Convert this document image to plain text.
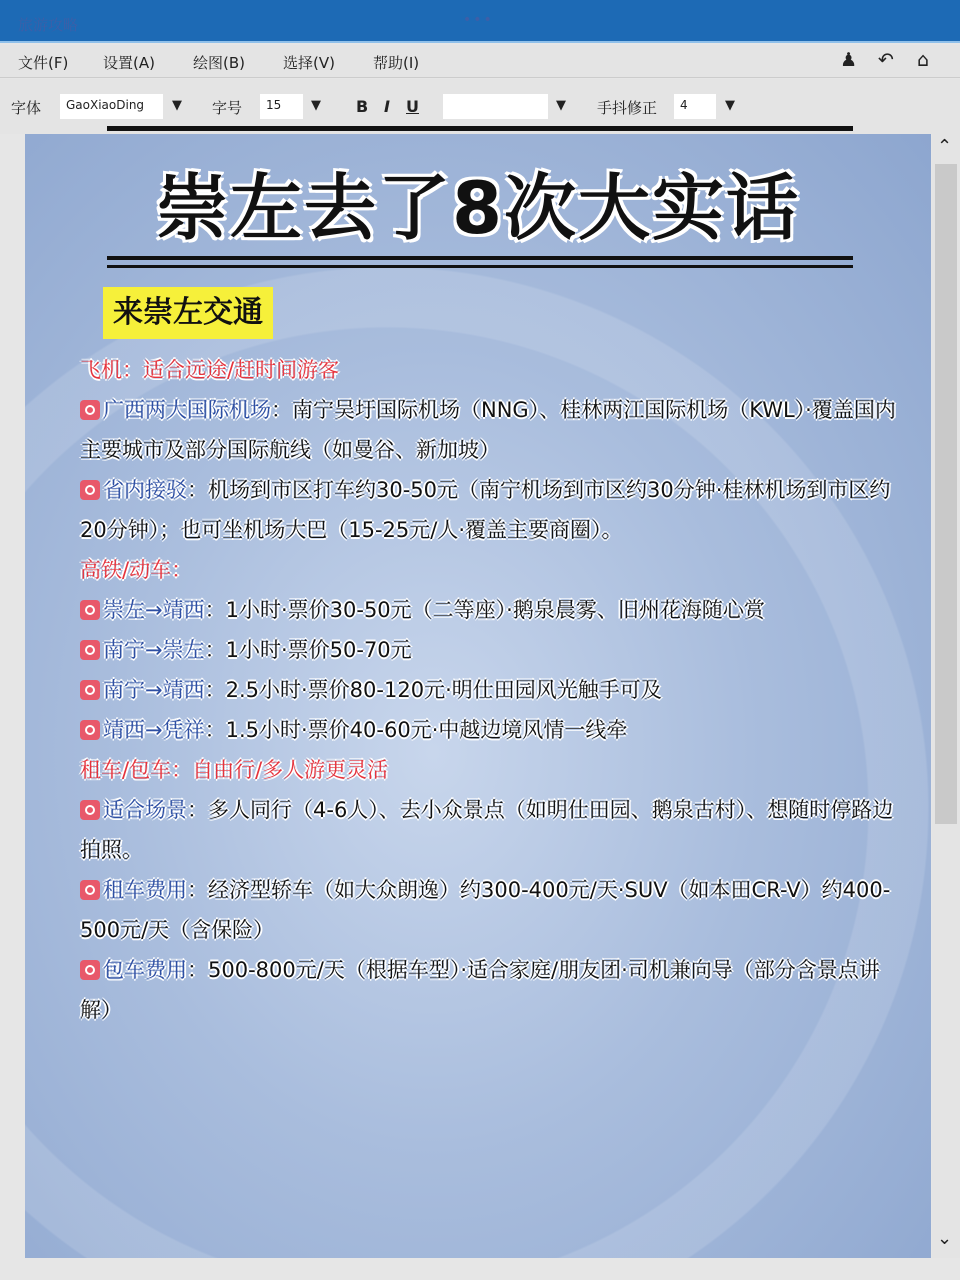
旅游攻略	•••
文件(F) 设置(A)	绘图(B)	选择(V)	帮助(I)	♟ ↶ ⌂
字体	GaoXiaoDing	▼ 字号	15	▼ B I U	▼ 手抖修正	4	▼
崇左去了8次大实话
来崇左交通
飞机：适合远途/赶时间游客
广西两大国际机场：南宁吴圩国际机场（NNG）、桂林两江国际机场（KWL）·覆盖国内主要城市及部分国际航线（如曼谷、新加坡）
省内接驳：机场到市区打车约30-50元（南宁机场到市区约30分钟·桂林机场到市区约20分钟）；也可坐机场大巴（15-25元/人·覆盖主要商圈）。
高铁/动车：
崇左→靖西：1小时·票价30-50元（二等座）·鹅泉晨雾、旧州花海随心赏
南宁→崇左：1小时·票价50-70元
南宁→靖西：2.5小时·票价80-120元·明仕田园风光触手可及
靖西→凭祥：1.5小时·票价40-60元·中越边境风情一线牵
租车/包车：自由行/多人游更灵活
适合场景：多人同行（4-6人）、去小众景点（如明仕田园、鹅泉古村）、想随时停路边拍照。
租车费用：经济型轿车（如大众朗逸）约300-400元/天·SUV（如本田CR-V）约400-500元/天（含保险）
包车费用：500-800元/天（根据车型）·适合家庭/朋友团·司机兼向导（部分含景点讲解）
⌃
⌄
